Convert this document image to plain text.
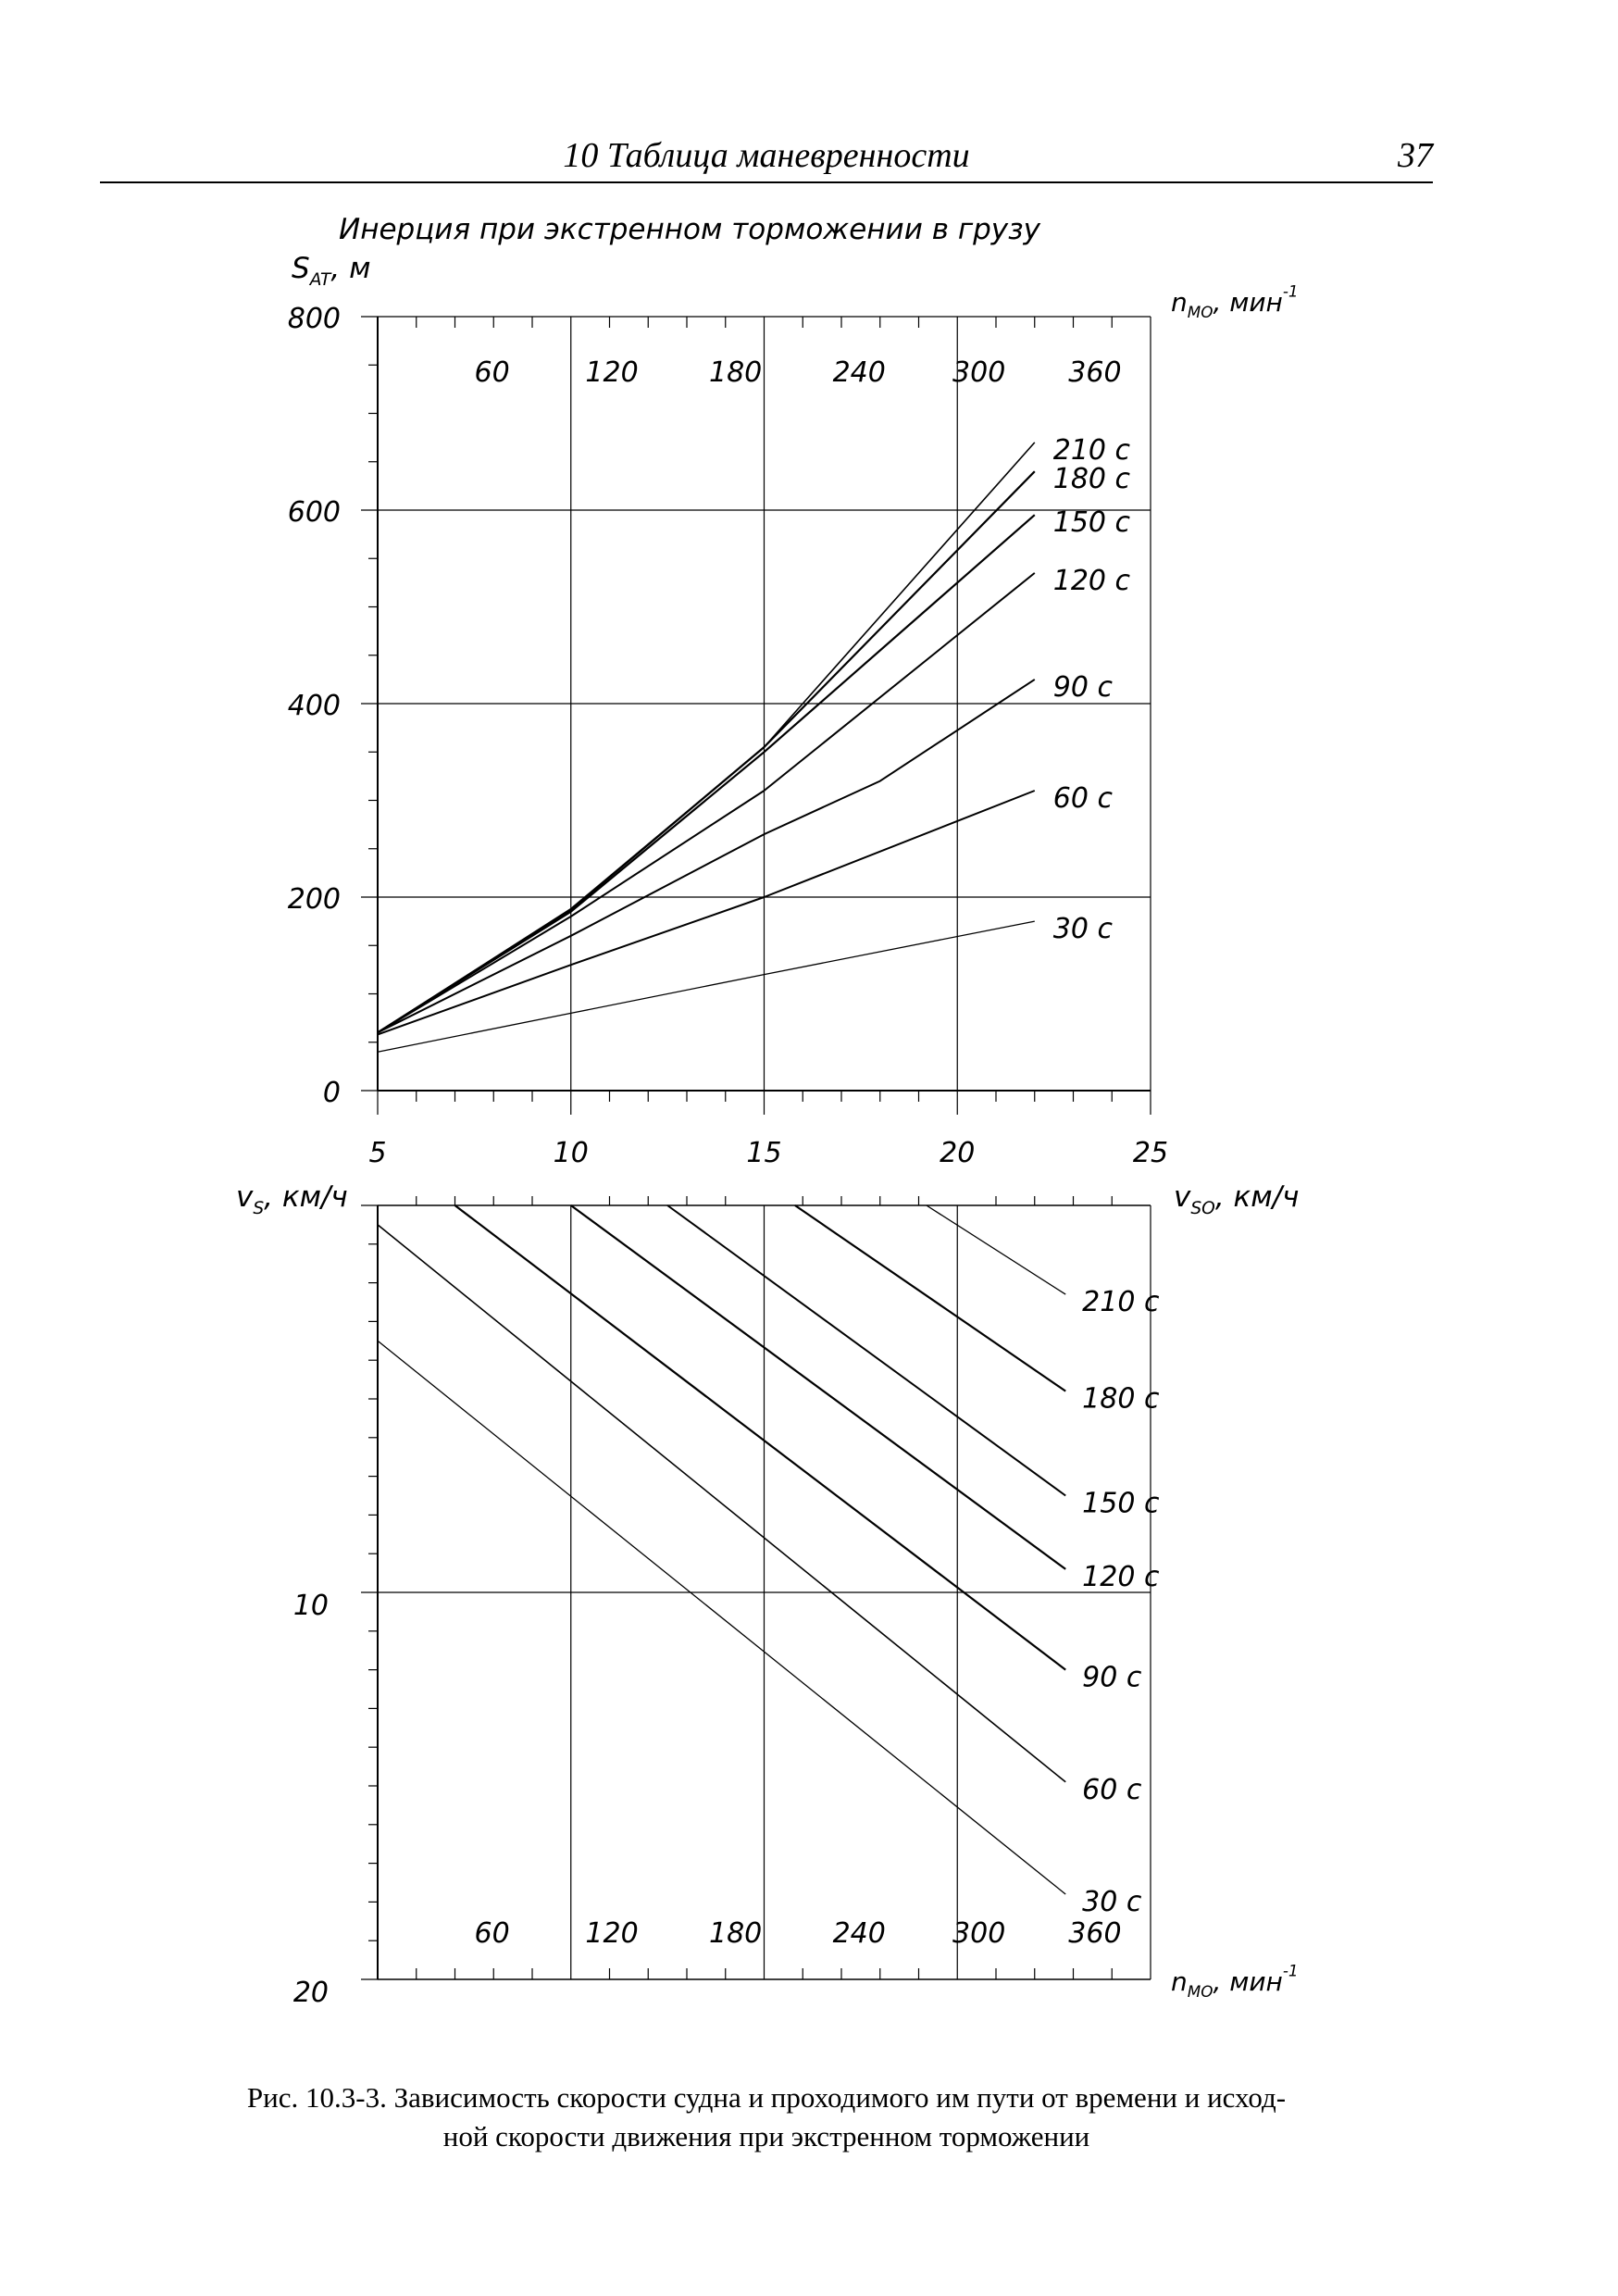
10 Таблица маневренности	37
Инерция при экстренном торможении в грузу
$S_{AT}$, м
$n_{MO}$, мин$^{-1}$
0
200
400
600
800
5	10	15	20	25
60	120	180	240 300 360
30 с
60 с
90 с
120 с
150 с
180 с
210 с
$v_S$, км/ч	$v_{SO}$, км/ч
$n_{MO}$, мин$^{-1}$
10
20
60	120	180	240 300 360
210 с
180 с
150 с
120 с
90 с
60 с
30 с
Рис. 10.3-3. Зависимость скорости судна и проходимого им пути от времени и исход-
ной скорости движения при экстренном торможении
